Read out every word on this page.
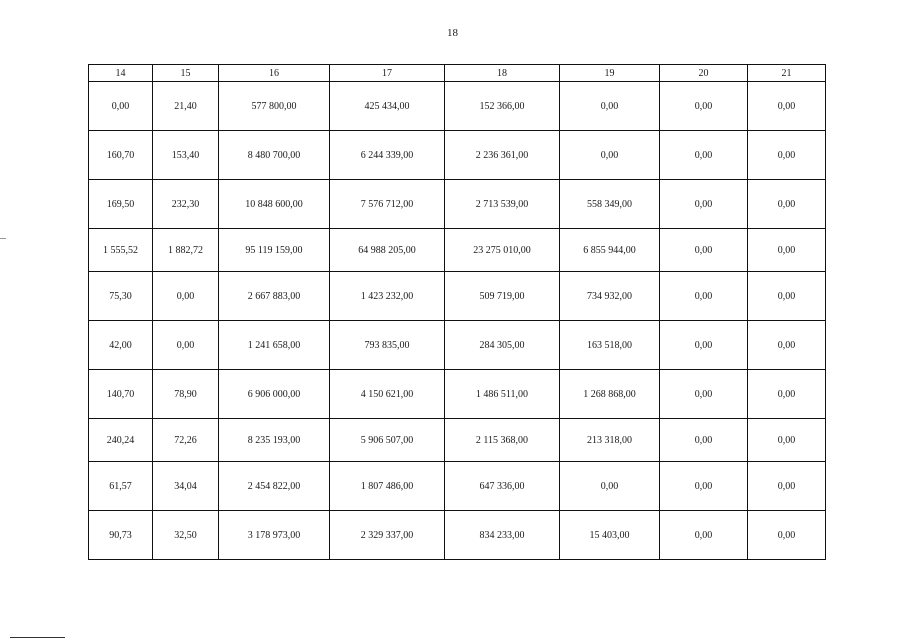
18
14	15	16	17	18	19	20	21
0,00	21,40	577 800,00	425 434,00	152 366,00	0,00	0,00	0,00
160,70	153,40	8 480 700,00	6 244 339,00	2 236 361,00	0,00	0,00	0,00
169,50	232,30	10 848 600,00	7 576 712,00	2 713 539,00	558 349,00	0,00	0,00
1 555,52	1 882,72	95 119 159,00	64 988 205,00	23 275 010,00	6 855 944,00	0,00	0,00
75,30	0,00	2 667 883,00	1 423 232,00	509 719,00	734 932,00	0,00	0,00
42,00	0,00	1 241 658,00	793 835,00	284 305,00	163 518,00	0,00	0,00
140,70	78,90	6 906 000,00	4 150 621,00	1 486 511,00	1 268 868,00	0,00	0,00
240,24	72,26	8 235 193,00	5 906 507,00	2 115 368,00	213 318,00	0,00	0,00
61,57	34,04	2 454 822,00	1 807 486,00	647 336,00	0,00	0,00	0,00
90,73	32,50	3 178 973,00	2 329 337,00	834 233,00	15 403,00	0,00	0,00
